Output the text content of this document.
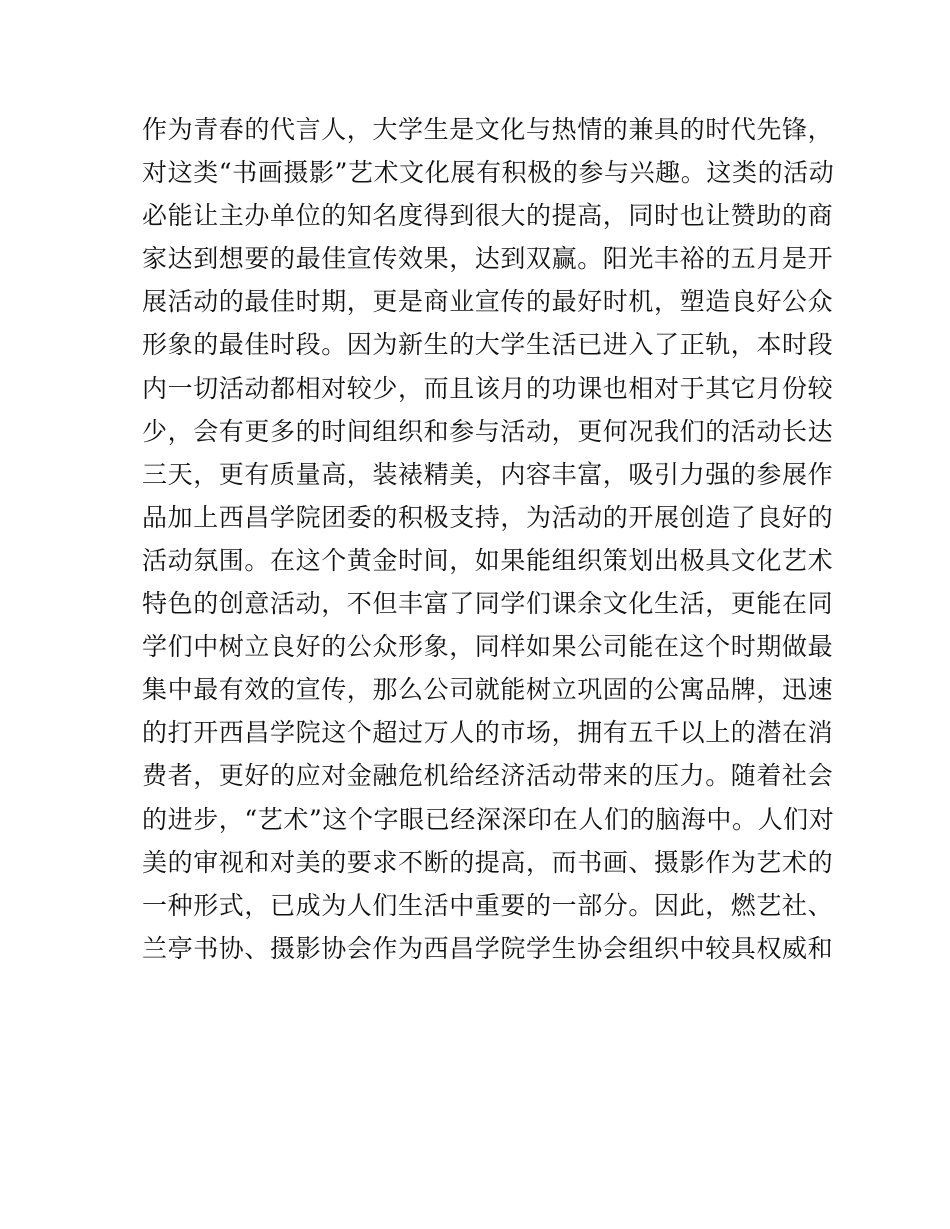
作为青春的代言人，大学生是文化与热情的兼具的时代先锋，
对这类“书画摄影”艺术文化展有积极的参与兴趣。这类的活动
必能让主办单位的知名度得到很大的提高，同时也让赞助的商
家达到想要的最佳宣传效果，达到双赢。阳光丰裕的五月是开
展活动的最佳时期，更是商业宣传的最好时机，塑造良好公众
形象的最佳时段。因为新生的大学生活已进入了正轨，本时段
内一切活动都相对较少，而且该月的功课也相对于其它月份较
少，会有更多的时间组织和参与活动，更何况我们的活动长达
三天，更有质量高，装裱精美，内容丰富，吸引力强的参展作
品加上西昌学院团委的积极支持，为活动的开展创造了良好的
活动氛围。在这个黄金时间，如果能组织策划出极具文化艺术
特色的创意活动，不但丰富了同学们课余文化生活，更能在同
学们中树立良好的公众形象，同样如果公司能在这个时期做最
集中最有效的宣传，那么公司就能树立巩固的公寓品牌，迅速
的打开西昌学院这个超过万人的市场，拥有五千以上的潜在消
费者，更好的应对金融危机给经济活动带来的压力。随着社会
的进步，“艺术”这个字眼已经深深印在人们的脑海中。人们对
美的审视和对美的要求不断的提高，而书画、摄影作为艺术的
一种形式，已成为人们生活中重要的一部分。因此，燃艺社、
兰亭书协、摄影协会作为西昌学院学生协会组织中较具权威和
